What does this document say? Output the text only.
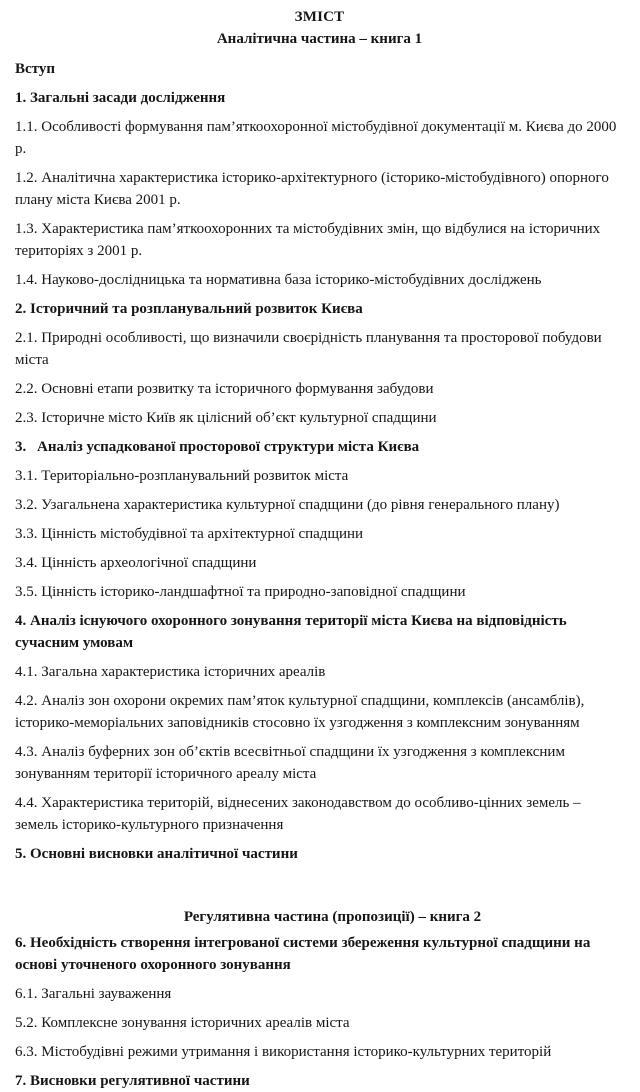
ЗМІСТ
Аналітична частина – книга 1
Вступ
1. Загальні засади дослідження
1.1. Особливості формування пам’яткоохоронної містобудівної документації м. Києва до 2000 р.
1.2. Аналітична характеристика історико-архітектурного (історико-містобудівного) опорного плану міста Києва 2001 р.
1.3. Характеристика пам’яткоохоронних та містобудівних змін, що відбулися на історичних територіях з 2001 р.
1.4. Науково-дослідницька та нормативна база історико-містобудівних досліджень
2. Історичний та розпланувальний розвиток Києва
2.1. Природні особливості, що визначили своєрідність планування та просторової побудови міста
2.2. Основні етапи розвитку та історичного формування забудови
2.3. Історичне місто Київ як цілісний об’єкт культурної спадщини
3. Аналіз успадкованої просторової структури міста Києва
3.1. Територіально-розпланувальний розвиток міста
3.2. Узагальнена характеристика культурної спадщини (до рівня генерального плану)
3.3. Цінність містобудівної та архітектурної спадщини
3.4. Цінність археологічної спадщини
3.5. Цінність історико-ландшафтної та природно-заповідної спадщини
4. Аналіз існуючого охоронного зонування території міста Києва на відповідність сучасним умовам
4.1. Загальна характеристика історичних ареалів
4.2. Аналіз зон охорони окремих пам’яток культурної спадщини, комплексів (ансамблів), історико-меморіальних заповідників стосовно їх узгодження з комплексним зонуванням
4.3. Аналіз буферних зон об’єктів всесвітньої спадщини їх узгодження з комплексним зонуванням території історичного ареалу міста
4.4. Характеристика територій, віднесених законодавством до особливо-цінних земель – земель історико-культурного призначення
5. Основні висновки аналітичної частини
Регулятивна частина (пропозиції) – книга 2
6. Необхідність створення інтегрованої системи збереження культурної спадщини на основі уточненого охоронного зонування
6.1. Загальні зауваження
5.2. Комплексне зонування історичних ареалів міста
6.3. Містобудівні режими утримання і використання історико-культурних територій
7. Висновки регулятивної частини
